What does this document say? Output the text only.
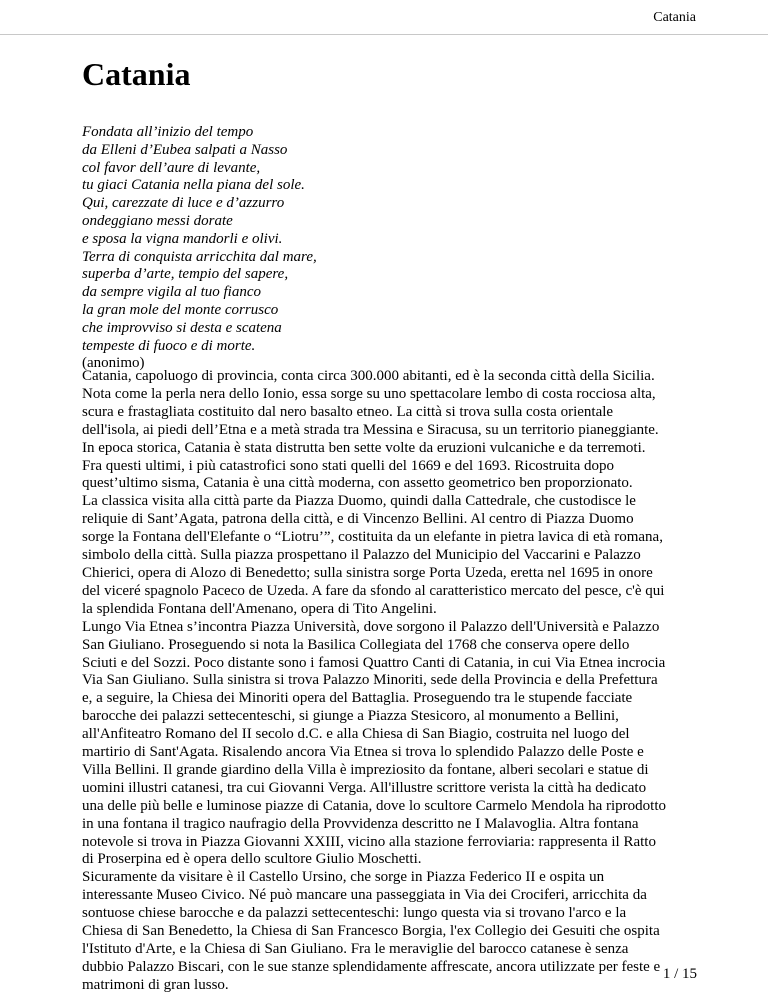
Catania
Catania
Fondata all’inizio del tempo
da Elleni d’Eubea salpati a Nasso
col favor dell’aure di levante,
tu giaci Catania nella piana del sole.
Qui, carezzate di luce e d’azzurro
ondeggiano messi dorate
e sposa la vigna mandorli e olivi.
Terra di conquista arricchita dal mare,
superba d’arte, tempio del sapere,
da sempre vigila al tuo fianco
la gran mole del monte corrusco
che improvviso si desta e scatena
tempeste di fuoco e di morte.
(anonimo)
Catania, capoluogo di provincia, conta circa 300.000 abitanti, ed è la seconda città della Sicilia.
Nota come la perla nera dello Ionio, essa sorge su uno spettacolare lembo di costa rocciosa alta,
scura e frastagliata costituito dal nero basalto etneo. La città si trova sulla costa orientale
dell'isola, ai piedi dell’Etna e a metà strada tra Messina e Siracusa, su un territorio pianeggiante.
In epoca storica, Catania è stata distrutta ben sette volte da eruzioni vulcaniche e da terremoti.
Fra questi ultimi, i più catastrofici sono stati quelli del 1669 e del 1693. Ricostruita dopo
quest’ultimo sisma, Catania è una città moderna, con assetto geometrico ben proporzionato.
La classica visita alla città parte da Piazza Duomo, quindi dalla Cattedrale, che custodisce le
reliquie di Sant’Agata, patrona della città, e di Vincenzo Bellini. Al centro di Piazza Duomo
sorge la Fontana dell'Elefante o “Liotru’”, costituita da un elefante in pietra lavica di età romana,
simbolo della città. Sulla piazza prospettano il Palazzo del Municipio del Vaccarini e Palazzo
Chierici, opera di Alozo di Benedetto; sulla sinistra sorge Porta Uzeda, eretta nel 1695 in onore
del viceré spagnolo Paceco de Uzeda. A fare da sfondo al caratteristico mercato del pesce, c'è qui
la splendida Fontana dell'Amenano, opera di Tito Angelini.
Lungo Via Etnea s’incontra Piazza Università, dove sorgono il Palazzo dell'Università e Palazzo
San Giuliano. Proseguendo si nota la Basilica Collegiata del 1768 che conserva opere dello
Sciuti e del Sozzi. Poco distante sono i famosi Quattro Canti di Catania, in cui Via Etnea incrocia
Via San Giuliano. Sulla sinistra si trova Palazzo Minoriti, sede della Provincia e della Prefettura
e, a seguire, la Chiesa dei Minoriti opera del Battaglia. Proseguendo tra le stupende facciate
barocche dei palazzi settecenteschi, si giunge a Piazza Stesicoro, al monumento a Bellini,
all'Anfiteatro Romano del II secolo d.C. e alla Chiesa di San Biagio, costruita nel luogo del
martirio di Sant'Agata. Risalendo ancora Via Etnea si trova lo splendido Palazzo delle Poste e
Villa Bellini. Il grande giardino della Villa è impreziosito da fontane, alberi secolari e statue di
uomini illustri catanesi, tra cui Giovanni Verga. All'illustre scrittore verista la città ha dedicato
una delle più belle e luminose piazze di Catania, dove lo scultore Carmelo Mendola ha riprodotto
in una fontana il tragico naufragio della Provvidenza descritto ne I Malavoglia. Altra fontana
notevole si trova in Piazza Giovanni XXIII, vicino alla stazione ferroviaria: rappresenta il Ratto
di Proserpina ed è opera dello scultore Giulio Moschetti.
Sicuramente da visitare è il Castello Ursino, che sorge in Piazza Federico II e ospita un
interessante Museo Civico. Né può mancare una passeggiata in Via dei Crociferi, arricchita da
sontuose chiese barocche e da palazzi settecenteschi: lungo questa via si trovano l'arco e la
Chiesa di San Benedetto, la Chiesa di San Francesco Borgia, l'ex Collegio dei Gesuiti che ospita
l'Istituto d'Arte, e la Chiesa di San Giuliano. Fra le meraviglie del barocco catanese è senza
dubbio Palazzo Biscari, con le sue stanze splendidamente affrescate, ancora utilizzate per feste e
matrimoni di gran lusso.
1 / 15
